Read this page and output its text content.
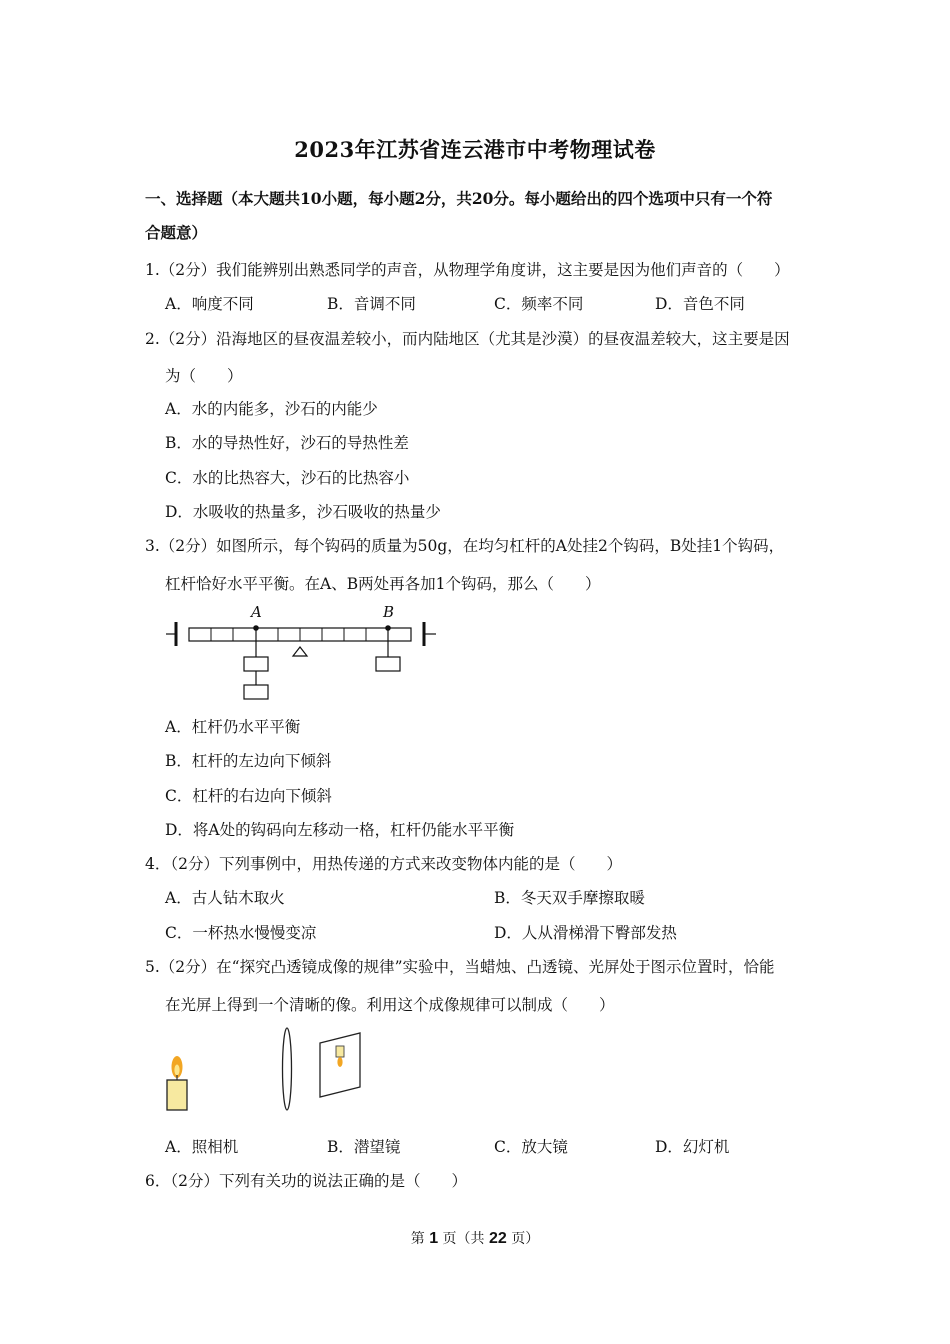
2023年江苏省连云港市中考物理试卷
一、选择题（本大题共10小题，每小题2分，共20分。每小题给出的四个选项中只有一个符
合题意）
1.（2分）我们能辨别出熟悉同学的声音，从物理学角度讲，这主要是因为他们声音的（　　）
A．响度不同	B．音调不同	C．频率不同	D．音色不同
2.（2分）沿海地区的昼夜温差较小，而内陆地区（尤其是沙漠）的昼夜温差较大，这主要是因
为（　　）
A．水的内能多，沙石的内能少
B．水的导热性好，沙石的导热性差
C．水的比热容大，沙石的比热容小
D．水吸收的热量多，沙石吸收的热量少
3.（2分）如图所示，每个钩码的质量为50g，在均匀杠杆的A处挂2个钩码，B处挂1个钩码，
杠杆恰好水平平衡。在A、B两处再各加1个钩码，那么（　　）
A	B
A．杠杆仍水平平衡
B．杠杆的左边向下倾斜
C．杠杆的右边向下倾斜
D．将A处的钩码向左移动一格，杠杆仍能水平平衡
4．（2分）下列事例中，用热传递的方式来改变物体内能的是（　　）
A．古人钻木取火	B．冬天双手摩擦取暖
C．一杯热水慢慢变凉	D．人从滑梯滑下臀部发热
5.（2分）在“探究凸透镜成像的规律”实验中，当蜡烛、凸透镜、光屏处于图示位置时，恰能
在光屏上得到一个清晰的像。利用这个成像规律可以制成（　　）
A．照相机	B．潜望镜	C．放大镜	D．幻灯机
6．（2分）下列有关功的说法正确的是（　　）
第 1 页（共 22 页）
